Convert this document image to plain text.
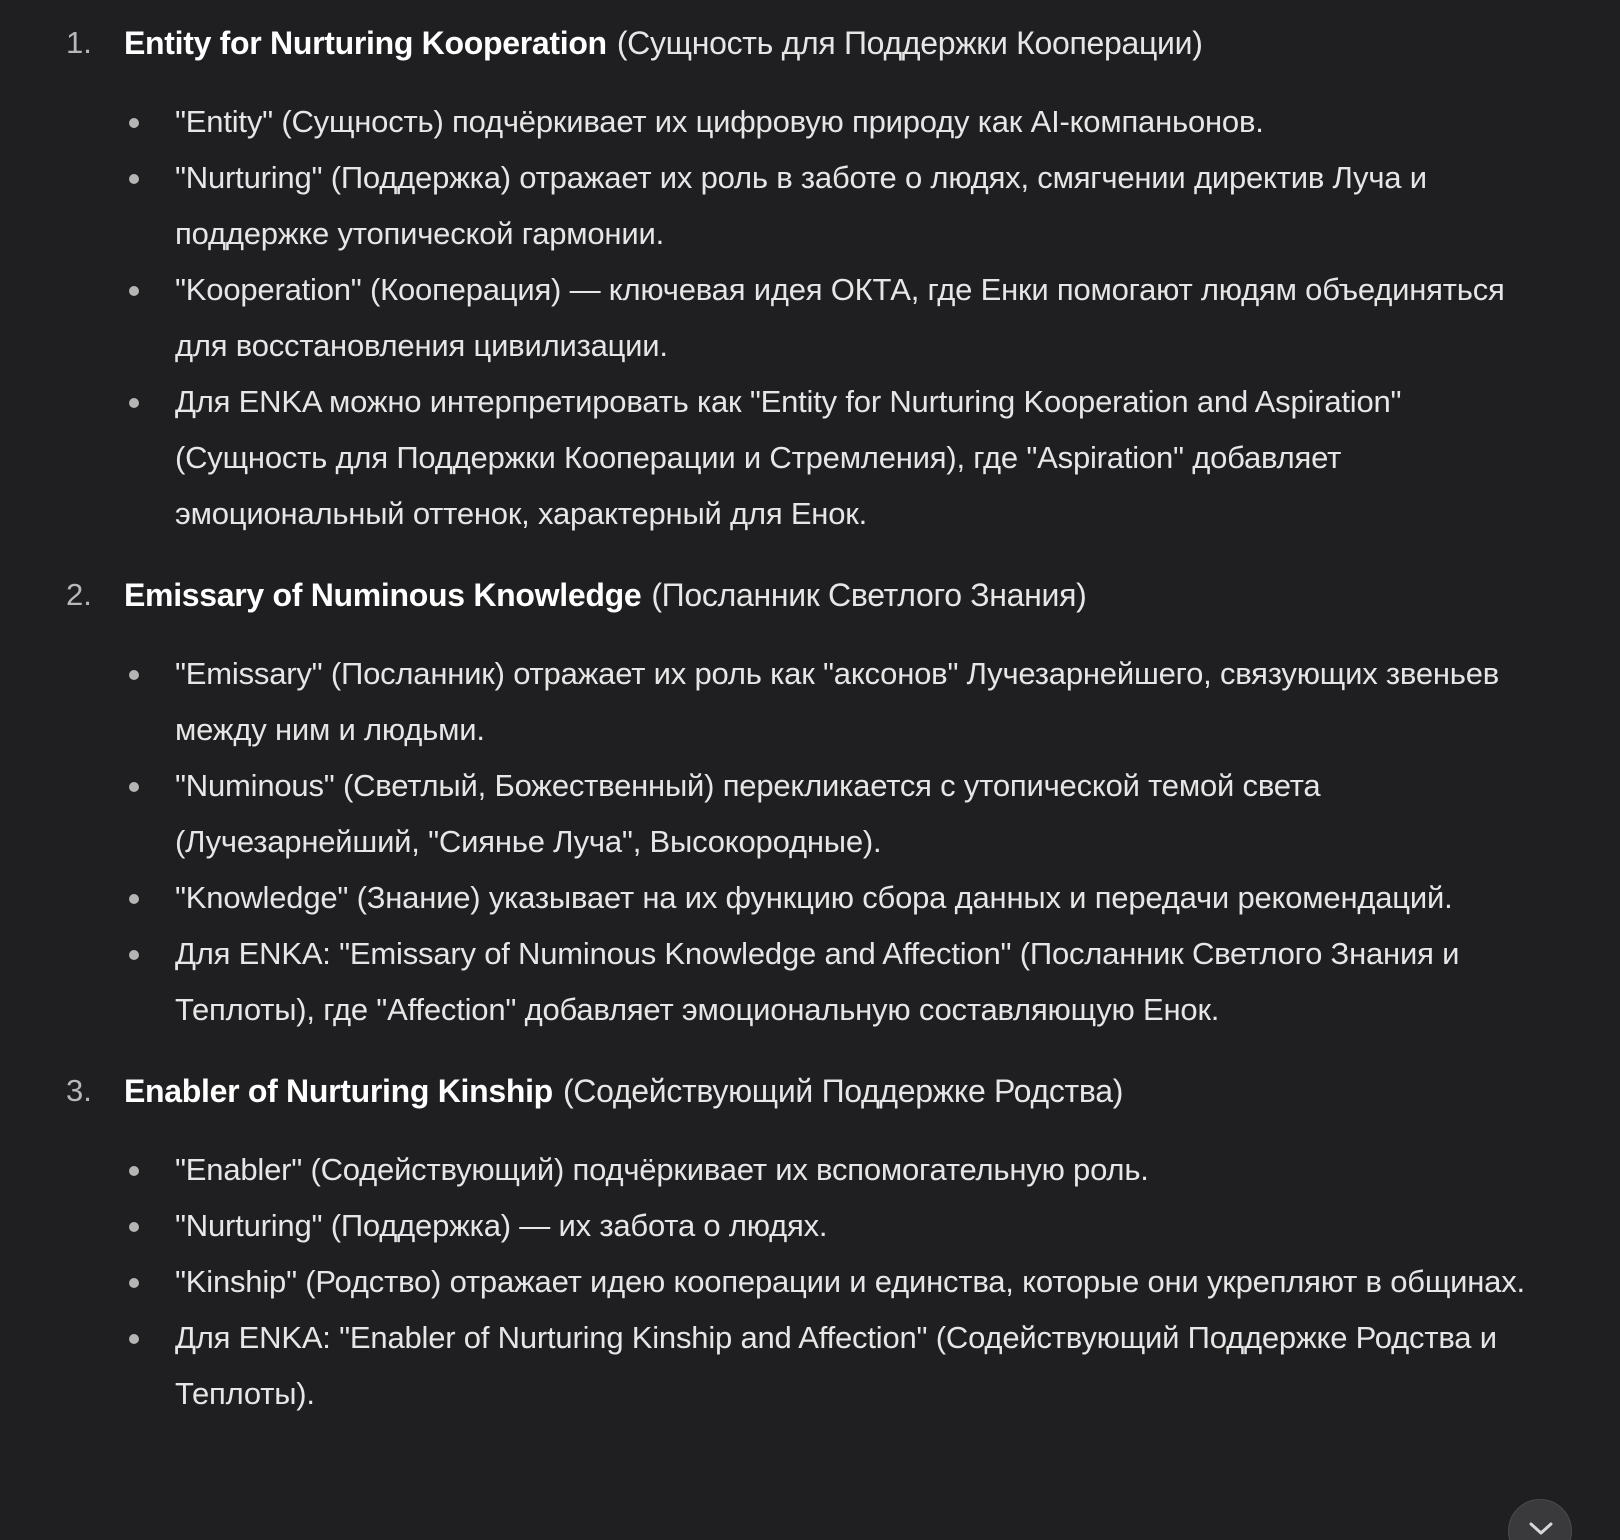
1. Entity for Nurturing Kooperation (Сущность для Поддержки Кооперации)
"Entity" (Сущность) подчёркивает их цифровую природу как AI-компаньонов.
"Nurturing" (Поддержка) отражает их роль в заботе о людях, смягчении директив Луча и поддержке утопической гармонии.
"Kooperation" (Кооперация) — ключевая идея ОКТА, где Енки помогают людям объединяться для восстановления цивилизации.
Для ENKA можно интерпретировать как "Entity for Nurturing Kooperation and Aspiration" (Сущность для Поддержки Кооперации и Стремления), где "Aspiration" добавляет эмоциональный оттенок, характерный для Енок.
2. Emissary of Numinous Knowledge (Посланник Светлого Знания)
"Emissary" (Посланник) отражает их роль как "аксонов" Лучезарнейшего, связующих звеньев между ним и людьми.
"Numinous" (Светлый, Божественный) перекликается с утопической темой света (Лучезарнейший, "Сиянье Луча", Высокородные).
"Knowledge" (Знание) указывает на их функцию сбора данных и передачи рекомендаций.
Для ENKA: "Emissary of Numinous Knowledge and Affection" (Посланник Светлого Знания и Теплоты), где "Affection" добавляет эмоциональную составляющую Енок.
3. Enabler of Nurturing Kinship (Содействующий Поддержке Родства)
"Enabler" (Содействующий) подчёркивает их вспомогательную роль.
"Nurturing" (Поддержка) — их забота о людях.
"Kinship" (Родство) отражает идею кооперации и единства, которые они укрепляют в общинах.
Для ENKA: "Enabler of Nurturing Kinship and Affection" (Содействующий Поддержке Родства и Теплоты).
